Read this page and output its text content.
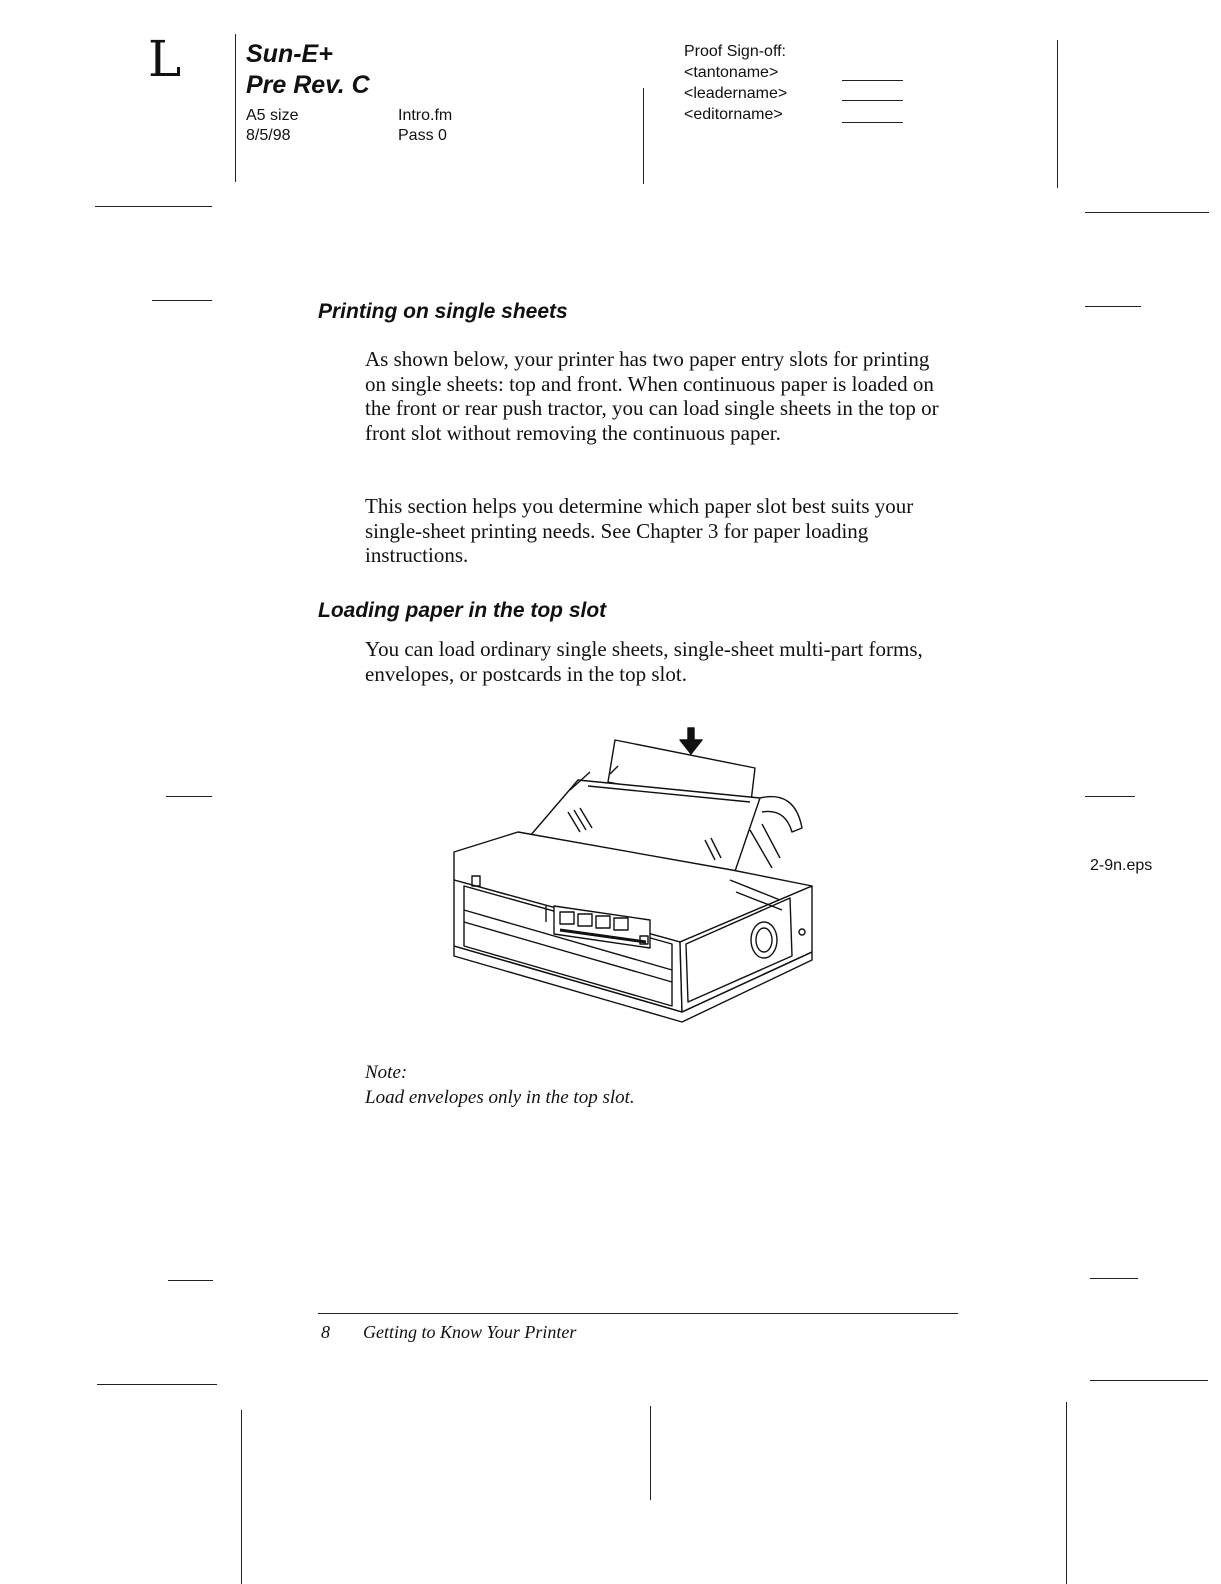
L	Sun-E+
Pre Rev. C
A5 size
8/5/98
Intro.fm
Pass 0
Proof Sign-off:
<tantoname>
<leadername>
<editorname>
Printing on single sheets
As shown below, your printer has two paper entry slots for printing on single sheets: top and front. When continuous paper is loaded on the front or rear push tractor, you can load single sheets in the top or front slot without removing the continuous paper.
This section helps you determine which paper slot best suits your single-sheet printing needs. See Chapter 3 for paper loading instructions.
Loading paper in the top slot
You can load ordinary single sheets, single-sheet multi-part forms, envelopes, or postcards in the top slot.
2-9n.eps
Note:
Load envelopes only in the top slot.
8 Getting to Know Your Printer
